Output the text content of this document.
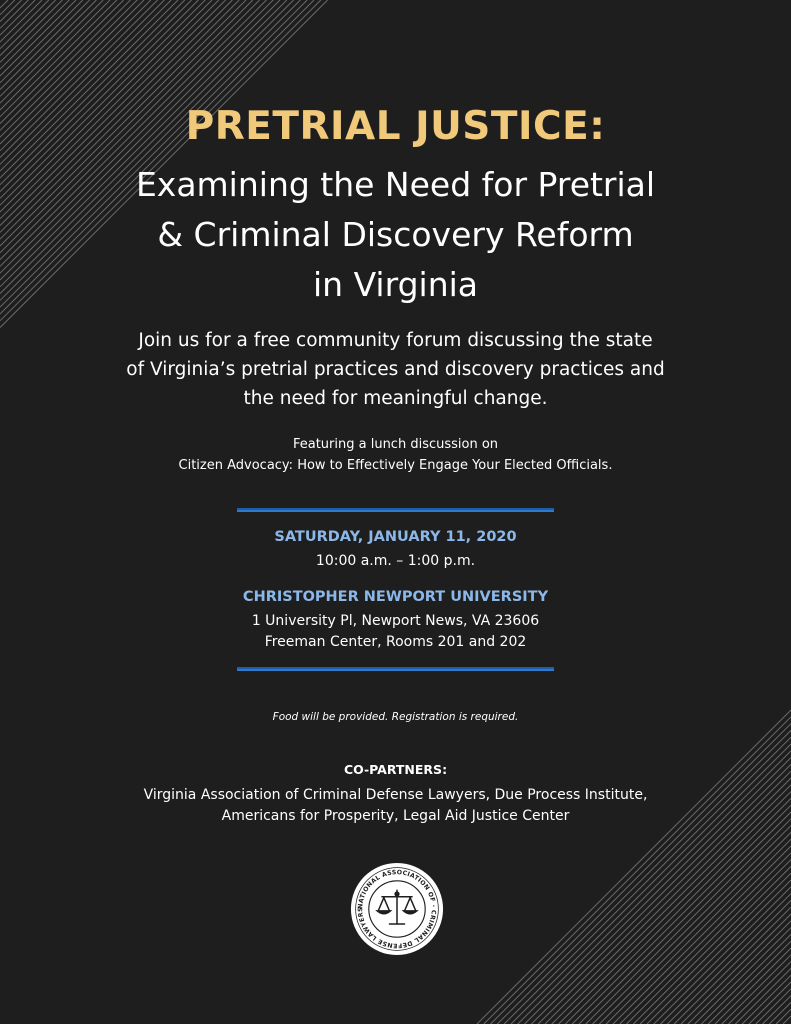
PRETRIAL JUSTICE:
Examining the Need for Pretrial
& Criminal Discovery Reform
in Virginia
Join us for a free community forum discussing the state
of Virginia’s pretrial practices and discovery practices and
the need for meaningful change.
Featuring a lunch discussion on
Citizen Advocacy: How to Effectively Engage Your Elected Officials.
SATURDAY, JANUARY 11, 2020
10:00 a.m. – 1:00 p.m.
CHRISTOPHER NEWPORT UNIVERSITY
1 University Pl, Newport News, VA 23606
Freeman Center, Rooms 201 and 202
Food will be provided. Registration is required.
CO-PARTNERS:
Virginia Association of Criminal Defense Lawyers, Due Process Institute,
Americans for Prosperity, Legal Aid Justice Center
NATIONAL ASSOCIATION OF · CRIMINAL DEFENSE LAWYERS
